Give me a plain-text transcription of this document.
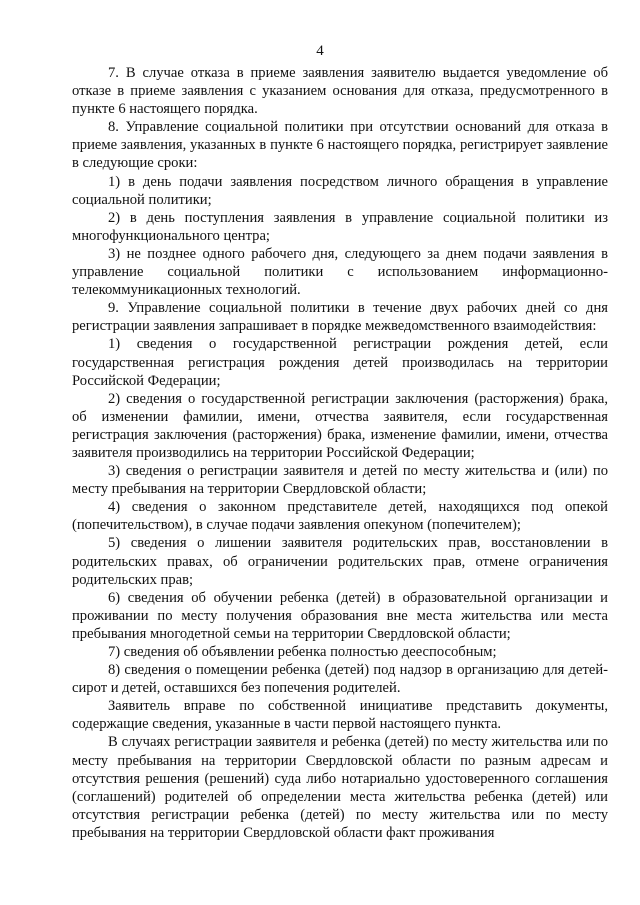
4

7. В случае отказа в приеме заявления заявителю выдается уведомление об отказе в приеме заявления с указанием основания для отказа, предусмотренного в пункте 6 настоящего порядка.

8. Управление социальной политики при отсутствии оснований для отказа в приеме заявления, указанных в пункте 6 настоящего порядка, регистрирует заявление в следующие сроки:

1) в день подачи заявления посредством личного обращения в управление социальной политики;

2) в день поступления заявления в управление социальной политики из многофункционального центра;

3) не позднее одного рабочего дня, следующего за днем подачи заявления в управление социальной политики с использованием информационно-телекоммуникационных технологий.

9. Управление социальной политики в течение двух рабочих дней со дня регистрации заявления запрашивает в порядке межведомственного взаимодействия:

1) сведения о государственной регистрации рождения детей, если государственная регистрация рождения детей производилась на территории Российской Федерации;

2) сведения о государственной регистрации заключения (расторжения) брака, об изменении фамилии, имени, отчества заявителя, если государственная регистрация заключения (расторжения) брака, изменение фамилии, имени, отчества заявителя производились на территории Российской Федерации;

3) сведения о регистрации заявителя и детей по месту жительства и (или) по месту пребывания на территории Свердловской области;

4) сведения о законном представителе детей, находящихся под опекой (попечительством), в случае подачи заявления опекуном (попечителем);

5) сведения о лишении заявителя родительских прав, восстановлении в родительских правах, об ограничении родительских прав, отмене ограничения родительских прав;

6) сведения об обучении ребенка (детей) в образовательной организации и проживании по месту получения образования вне места жительства или места пребывания многодетной семьи на территории Свердловской области;

7) сведения об объявлении ребенка полностью дееспособным;

8) сведения о помещении ребенка (детей) под надзор в организацию для детей-сирот и детей, оставшихся без попечения родителей.

Заявитель вправе по собственной инициативе представить документы, содержащие сведения, указанные в части первой настоящего пункта.

В случаях регистрации заявителя и ребенка (детей) по месту жительства или по месту пребывания на территории Свердловской области по разным адресам и отсутствия решения (решений) суда либо нотариально удостоверенного соглашения (соглашений) родителей об определении места жительства ребенка (детей) или отсутствия регистрации ребенка (детей) по месту жительства или по месту пребывания на территории Свердловской области факт проживания
